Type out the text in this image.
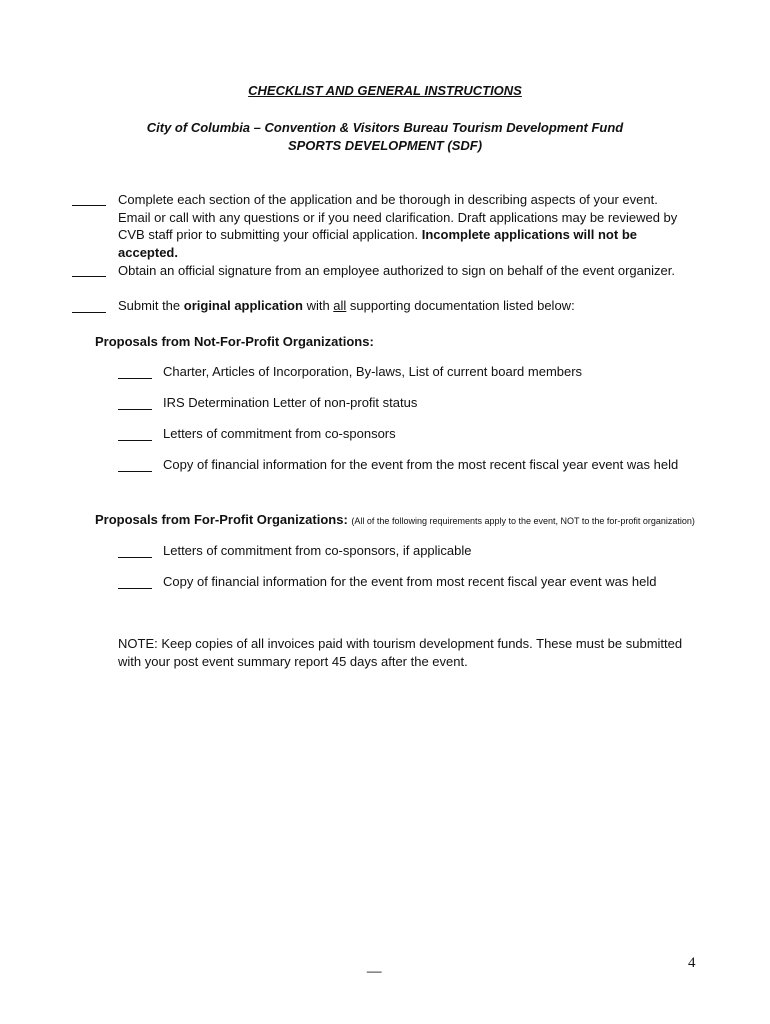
CHECKLIST AND GENERAL INSTRUCTIONS
City of Columbia – Convention & Visitors Bureau Tourism Development Fund
SPORTS DEVELOPMENT (SDF)
Complete each section of the application and be thorough in describing aspects of your event. Email or call with any questions or if you need clarification. Draft applications may be reviewed by CVB staff prior to submitting your official application. Incomplete applications will not be accepted.
Obtain an official signature from an employee authorized to sign on behalf of the event organizer.
Submit the original application with all supporting documentation listed below:
Proposals from Not-For-Profit Organizations:
Charter, Articles of Incorporation, By-laws, List of current board members
IRS Determination Letter of non-profit status
Letters of commitment from co-sponsors
Copy of financial information for the event from the most recent fiscal year event was held
Proposals from For-Profit Organizations: (All of the following requirements apply to the event, NOT to the for-profit organization)
Letters of commitment from co-sponsors, if applicable
Copy of financial information for the event from most recent fiscal year event was held
NOTE: Keep copies of all invoices paid with tourism development funds. These must be submitted with your post event summary report 45 days after the event.
__	4
